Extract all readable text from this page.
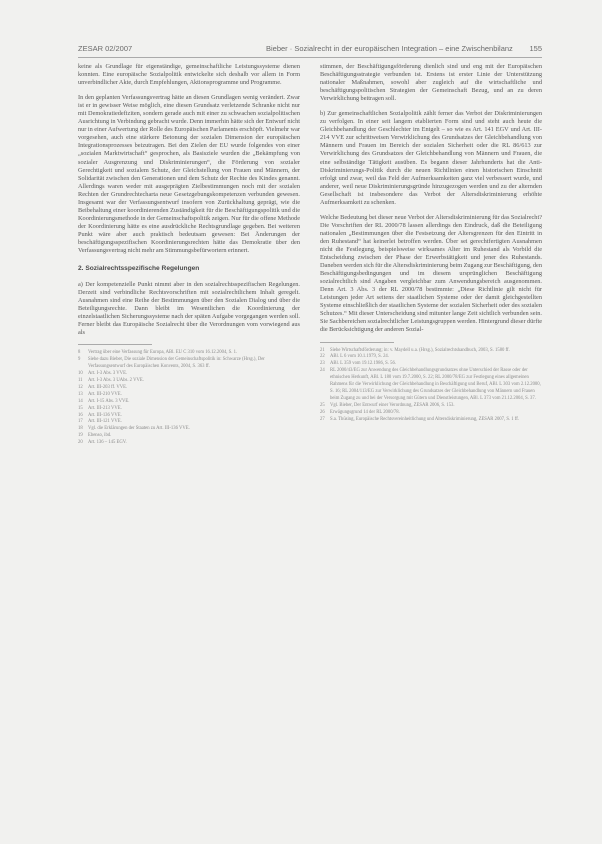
ZESAR 02/2007	Bieber · Sozialrecht in der europäischen Integration – eine Zwischenbilanz 155

keine als Grundlage für eigenständige, gemeinschaftliche Leistungssysteme dienen konnten. Eine europäische Sozialpolitik entwickelte sich deshalb vor allem in Form unverbindlicher Akte, durch Empfehlungen, Aktionsprogramme und Programme.

In den geplanten Verfassungsvertrag hätte an diesen Grundlagen wenig verändert. Zwar ist er in gewisser Weise möglich, eine diesen Grundsatz verletzende Schranke nicht nur mit Demokratiedefiziten, sondern gerade auch mit einer zu schwachen sozialpolitischen Ausrichtung in Verbindung gebracht wurde. Denn immerhin hätte sich der Entwurf nicht nur in einer Aufwertung der Rolle des Europäischen Parlaments erschöpft. Vielmehr war vorgesehen, auch eine stärkere Betonung der sozialen Dimension der europäischen Integrationsprozesses beizutragen. Bei den Zielen der EU wurde folgendes von einer „sozialen Marktwirtschaft“ gesprochen, als Basisziele wurden die „Bekämpfung von sozialer Ausgrenzung und Diskriminierungen“, die Förderung von sozialer Gerechtigkeit und sozialem Schutz, der Gleichstellung von Frauen und Männern, der Solidarität zwischen den Generationen und dem Schutz der Rechte des Kindes genannt. Allerdings waren weder mit ausgeprägten Zielbestimmungen noch mit der sozialen Rechten der Grundrechtecharta neue Gesetzgebungskompetenzen verbunden gewesen. Insgesamt war der Verfassungsentwurf insofern von Zurückhaltung geprägt, wie die Beibehaltung einer koordinierenden Zuständigkeit für die Beschäftigungspolitik und die Koordinierungsmethode in der Gemeinschaftspolitik zeigen. Nur für die offene Methode der Koordinierung hätte es eine ausdrückliche Rechtsgrundlage gegeben. Bei weiteren Punkt wäre aber auch praktisch bedeutsam gewesen: Bei Änderungen der beschäftigungsspezifischen Koordinierungsrechten hätte das Demokratie über den Verfassungsvertrag nicht mehr am Stimmungsbefürwortern erinnert.

2. Sozialrechtsspezifische Regelungen

a) Der kompetenzielle Punkt nimmt aber in den sozialrechtsspezifischen Regelungen. Derzeit sind verbindliche Rechtsvorschriften mit sozialrechtlichem Inhalt geregelt. Ausnahmen sind eine Reihe der Bestimmungen über den Sozialen Dialog und über die Beteiligungsrechte. Dann bleibt im Wesentlichen die Koordinierung der einzelstaatlichen Sicherungssysteme nach der späten Aufgabe vorgegangen werden soll. Ferner bleibt das Europäische Sozialrecht über die Verordnungen vom vorwiegend aus als

8	Vertrag über eine Verfassung für Europa, ABl. EU C 310 vom 16.12.2004, S. 1.
9	Siehe dazu Bieber, Die soziale Dimension der Gemeinschaftspolitik in: Schwarze (Hrsg.), Der Verfassungsentwurf des Europäischen Konvents, 2004, S. 363 ff.
10	Art. I-3 Abs. 3 VVE.
11	Art. I-3 Abs. 3 UAbs. 2 VVE.
12	Art. III-203 ff. VVE.
13	Art. III-210 VVE.
14	Art. I-15 Abs. 3 VVE.
15	Art. III-213 VVE.
16	Art. III-136 VVE.
17	Art. III-121 VVE.
18	Vgl. die Erklärungen der Staaten zu Art. III-136 VVE.
19	Ebenso, ibd.
20	Art. 136 – 145 EGV.

stimmen, der Beschäftigungsförderung dienlich sind und eng mit der Europäischen Beschäftigungsstrategie verbunden ist. Erstens ist erster Linie der Unterstützung nationaler Maßnahmen, sowohl aber zugleich auf die wirtschaftliche und beschäftigungspolitischen Strategien der Gemeinschaft Bezug, und an zu deren Verwirklichung beitragen soll.

b) Zur gemeinschaftlichen Sozialpolitik zählt ferner das Verbot der Diskriminierungen zu verfolgen. In einer seit langem etablierten Form sind und steht auch heute die Gleichbehandlung der Geschlechter im Entgelt – so wie es Art. 141 EGV und Art. III-214 VVE zur schrittweisen Verwirklichung des Grundsatzes der Gleichbehandlung von Männern und Frauen im Bereich der sozialen Sicherheit oder die RL 86/613 zur Verwirklichung des Grundsatzes der Gleichbehandlung von Männern und Frauen, die eine selbständige Tätigkeit ausüben. Es begann dieser Jahrhunderts hat die Anti-Diskriminierungs-Politik durch die neuen Richtlinien einen historischen Einschnitt erfolgt und zwar, weil das Feld der Aufmerksamkeiten ganz viel verbessert wurde, und anderer, weil neue Diskriminierungsgründe hinzugezogen werden und zu der alternden Gesellschaft ist insbesondere das Verbot der Altersdiskriminierung erhöhte Aufmerksamkeit zu schenken.

Welche Bedeutung bei dieser neue Verbot der Altersdiskriminierung für das Sozialrecht? Die Vorschriften der RL 2000/78 lassen allerdings den Eindruck, daß die Beteiligung nationalen „Bestimmungen über die Festsetzung der Altersgrenzen für den Eintritt in den Ruhestand“ hat keinerlei betroffen werden. Über sei gerechtfertigten Ausnahmen nicht die Festlegung, beispielsweise wirksames Alter im Ruhestand als Vorbild die Entscheidung zwischen der Phase der Erwerbstätigkeit und jener des Ruhestands. Daneben werden sich für die Altersdiskriminierung beim Zugang zur Beschäftigung, den Beschäftigungsbedingungen und im diesem ursprünglichen Beschäftigung sozialrechtlich sind Angaben vergleichbar zum Anwendungsbereich ausgenommen. Denn Art. 3 Abs. 3 der RL 2000/78 bestimmte: „Diese Richtlinie gilt nicht für Leistungen jeder Art seitens der staatlichen Systeme oder der damit gleichgestellten Systeme einschließlich der staatlichen Systeme der sozialen Sicherheit oder des sozialen Schutzes.“ Mit dieser Unterscheidung sind mitunter lange Zeit sichtlich verbunden sein. Sie Sachbereichen sozialrechtlicher Leistungsgruppen werden. Hintergrund dieser dürfte die Berücksichtigung der anderen Sozial-

21	Siehe Wirtschaftsförderung; in: v. Maydell u.a. (Hrsg.), Sozialrechtshandbuch, 2003, S. 1580 ff.
22	ABl. L 6 vom 10.1.1979, S. 24.
23	ABl. L 359 vom 19.12.1986, S. 56.
24	RL 2000/43/EG zur Anwendung des Gleichbehandlungsgrundsatzes ohne Unterschied der Rasse oder der ethnischen Herkunft, ABl. L 180 vom 19.7.2000, S. 22; RL 2000/78/EG zur Festlegung eines allgemeinen Rahmens für die Verwirklichung der Gleichbehandlung in Beschäftigung und Beruf, ABl. L 303 vom 2.12.2000, S. 16; RL 2004/113/EG zur Verwirklichung des Grundsatzes der Gleichbehandlung von Männern und Frauen beim Zugang zu und bei der Versorgung mit Gütern und Dienstleistungen, ABl. L 373 vom 21.12.2004, S. 37.
25	Vgl. Bieber, Der Entwurf einer Verordnung, ZESAR 2006, S. 153.
26	Erwägungsgrund 14 der RL 2000/78.
27	S.a. Thüsing, Europäische Rechtsvereinheitlichung und Altersdiskriminierung, ZESAR 2007, S. 1 ff.
